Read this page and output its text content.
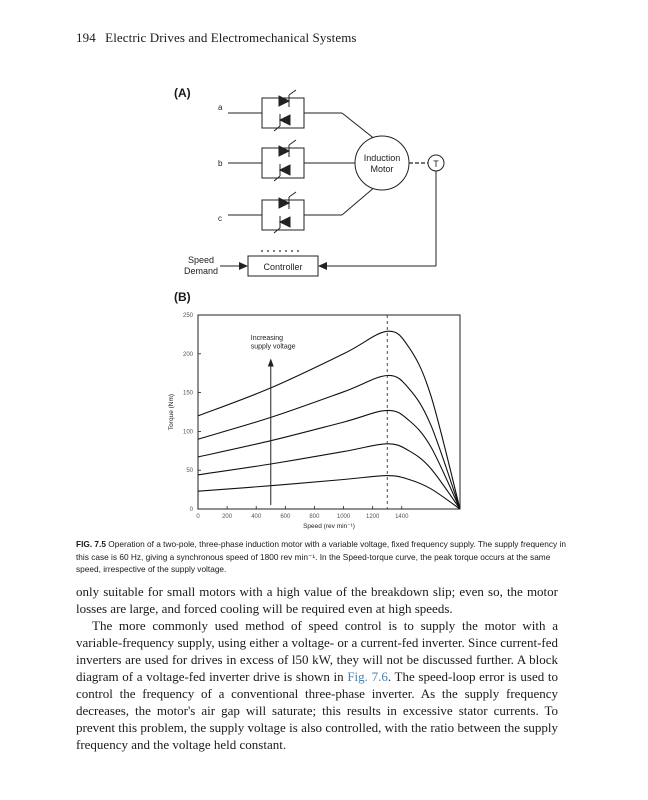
194 Electric Drives and Electromechanical Systems
(A)
a
b
c
Induction
Motor	T
Controller
Speed
Demand
(B)
0
50
100
150
200
250
0	200	400	600	800	1000	1200	1400
Increasing
supply voltage
Speed (rev min⁻¹)
Torque (Nm)
FIG. 7.5 Operation of a two-pole, three-phase induction motor with a variable voltage, fixed frequency supply. The supply frequency in this case is 60 Hz, giving a synchronous speed of 1800 rev min⁻¹. In the Speed-torque curve, the peak torque occurs at the same speed, irrespective of the supply voltage.

only suitable for small motors with a high value of the breakdown slip; even so, the motor losses are large, and forced cooling will be required even at high speeds.

The more commonly used method of speed control is to supply the motor with a variable-frequency supply, using either a voltage- or a current-fed inverter. Since current-fed inverters are used for drives in excess of l50 kW, they will not be discussed further. A block diagram of a voltage-fed inverter drive is shown in Fig. 7.6. The speed-loop error is used to control the frequency of a conventional three-phase inverter. As the supply frequency decreases, the motor's air gap will saturate; this results in excessive stator currents. To prevent this problem, the supply voltage is also controlled, with the ratio between the supply frequency and the voltage held constant.
